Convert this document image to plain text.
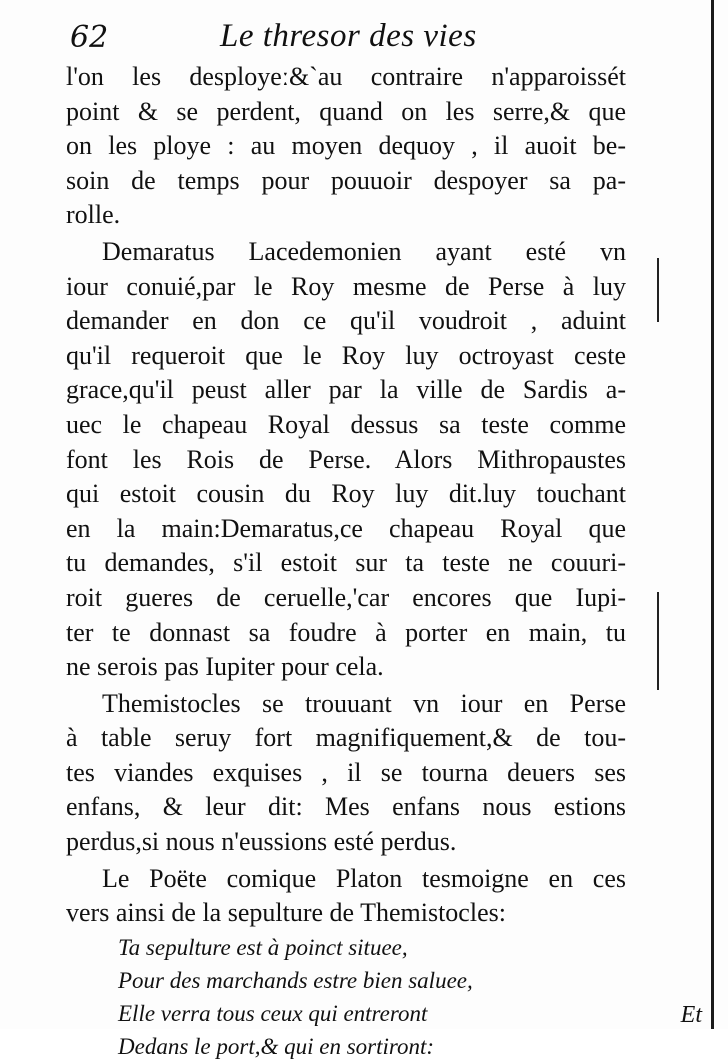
62	Le thresor des vies
l'on les desployeː&`au contraire n'apparoissét
point & se perdent, quand on les serre,& que
on les ploye : au moyen dequoy , il auoit be-
soin de temps pour pouuoir despoyer sa pa-
rolle.
Demaratus Lacedemonien ayant esté vn
iour conuié,par le Roy mesme de Perse à luy
demander en don ce qu'il voudroit , aduint
qu'il requeroit que le Roy luy octroyast ceste
grace,qu'il peust aller par la ville de Sardis a-
uec le chapeau Royal dessus sa teste comme
font les Rois de Perse. Alors Mithropaustes
qui estoit cousin du Roy luy dit.luy touchant
en la main:Demaratus,ce chapeau Royal que
tu demandes, s'il estoit sur ta teste ne couuri-
roit gueres de ceruelle,'car encores que Iupi-
ter te donnast sa foudre à porter en main, tu
ne serois pas Iupiter pour cela.
Themistocles se trouuant vn iour en Perse
à table seruy fort magnifiquement,& de tou-
tes viandes exquises , il se tourna deuers ses
enfans, & leur dit: Mes enfans nous estions
perdus,si nous n'eussions esté perdus.
Le Poëte comique Platon tesmoigne en ces
vers ainsi de la sepulture de Themistocles:
Ta sepulture est à poinct situee,
Pour des marchands estre bien saluee,
Elle verra tous ceux qui entreront
Dedans le port,& qui en sortiront:
Et
